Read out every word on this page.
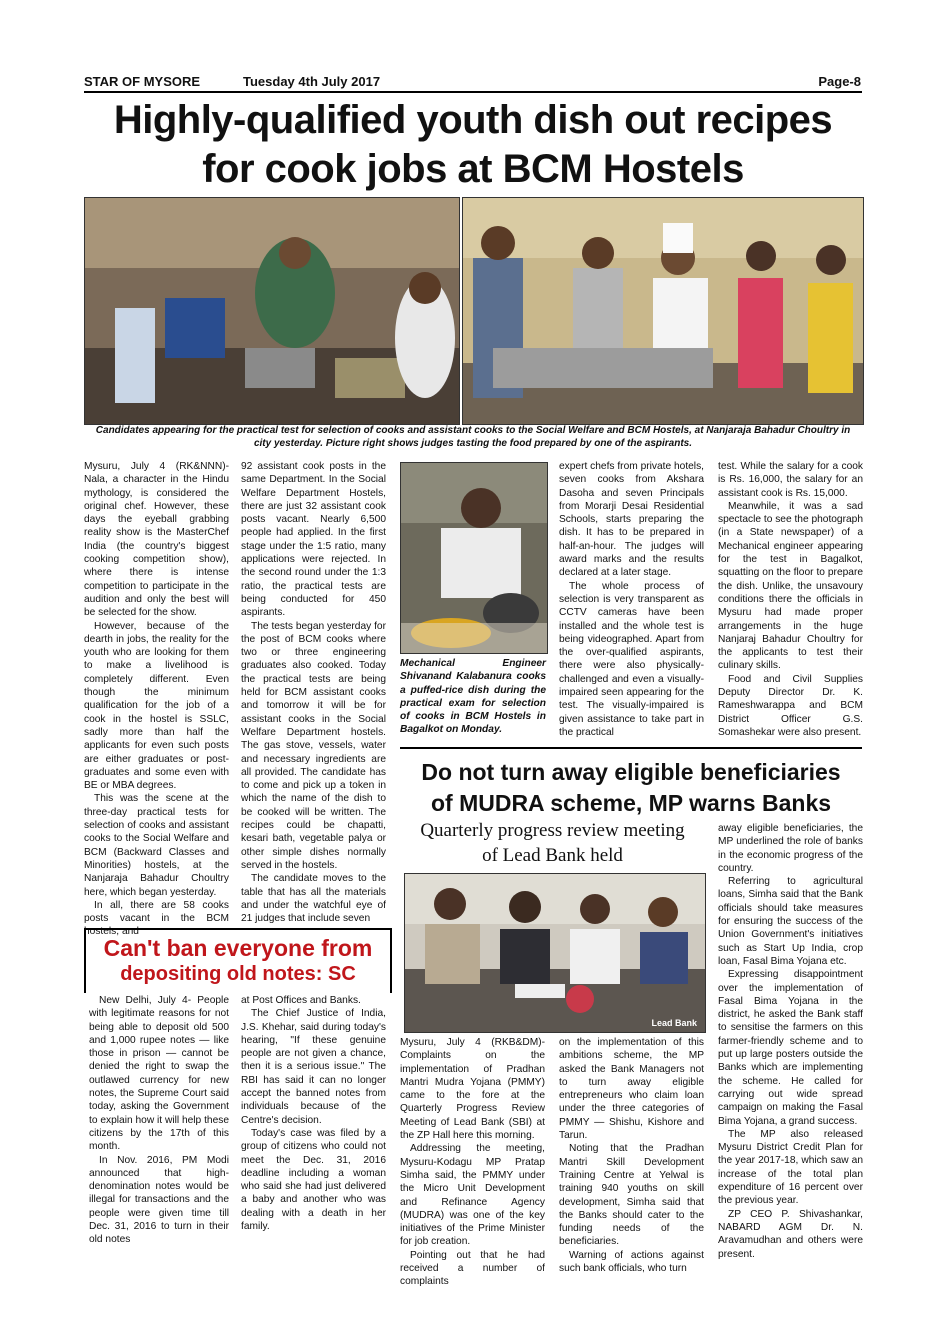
STAR OF MYSORE	Tuesday 4th July 2017	Page-8
Highly-qualified youth dish out recipes
for cook jobs at BCM Hostels
Candidates appearing for the practical test for selection of cooks and assistant cooks to the Social Welfare and BCM Hostels, at Nanjaraja Bahadur Choultry in city yesterday. Picture right shows judges tasting the food prepared by one of the aspirants.

Mysuru, July 4 (RK&NNN)- Nala, a character in the Hindu mythology, is considered the original chef. However, these days the eyeball grabbing reality show is the MasterChef India (the country's biggest cooking competition show), where there is intense competition to participate in the audition and only the best will be selected for the show.

However, because of the dearth in jobs, the reality for the youth who are looking for them to make a livelihood is completely different. Even though the minimum qualification for the job of a cook in the hostel is SSLC, sadly more than half the applicants for even such posts are either graduates or post-graduates and some even with BE or MBA degrees.

This was the scene at the three-day practical tests for selection of cooks and assistant cooks to the Social Welfare and BCM (Backward Classes and Minorities) hostels, at the Nanjaraja Bahadur Choultry here, which began yesterday.

In all, there are 58 cooks posts vacant in the BCM hostels, and

92 assistant cook posts in the same Department. In the Social Welfare Department Hostels, there are just 32 assistant cook posts vacant. Nearly 6,500 people had applied. In the first stage under the 1:5 ratio, many applications were rejected. In the second round under the 1:3 ratio, the practical tests are being conducted for 450 aspirants.

The tests began yesterday for the post of BCM cooks where two or three engineering graduates also cooked. Today the practical tests are being held for BCM assistant cooks and tomorrow it will be for assistant cooks in the Social Welfare Department hostels. The gas stove, vessels, water and necessary ingredients are all provided. The candidate has to come and pick up a token in which the name of the dish to be cooked will be written. The recipes could be chapatti, kesari bath, vegetable palya or other simple dishes normally served in the hostels.

The candidate moves to the table that has all the materials and under the watchful eye of 21 judges that include seven

Mechanical Engineer Shivanand Kalabanura cooks a puffed-rice dish during the practical exam for selection of cooks in BCM Hostels in Bagalkot on Monday.

expert chefs from private hotels, seven cooks from Akshara Dasoha and seven Principals from Morarji Desai Residential Schools, starts preparing the dish. It has to be prepared in half-an-hour. The judges will award marks and the results declared at a later stage.

The whole process of selection is very transparent as CCTV cameras have been installed and the whole test is being videographed. Apart from the over-qualified aspirants, there were also physically-challenged and even a visually-impaired seen appearing for the test. The visually-impaired is given assistance to take part in the practical

test. While the salary for a cook is Rs. 16,000, the salary for an assistant cook is Rs. 15,000.

Meanwhile, it was a sad spectacle to see the photograph (in a State newspaper) of a Mechanical engineer appearing for the test in Bagalkot, squatting on the floor to prepare the dish. Unlike, the unsavoury conditions there the officials in Mysuru had made proper arrangements in the huge Nanjaraj Bahadur Choultry for the applicants to test their culinary skills.

Food and Civil Supplies Deputy Director Dr. K. Rameshwarappa and BCM District Officer G.S. Somashekar were also present.

Do not turn away eligible beneficiaries
of MUDRA scheme, MP warns Banks
Quarterly progress review meeting
of Lead Bank held
Lead Bank

Mysuru, July 4 (RKB&DM)- Complaints on the implementation of Pradhan Mantri Mudra Yojana (PMMY) came to the fore at the Quarterly Progress Review Meeting of Lead Bank (SBI) at the ZP Hall here this morning.

Addressing the meeting, Mysuru-Kodagu MP Pratap Simha said, the PMMY under the Micro Unit Development and Refinance Agency (MUDRA) was one of the key initiatives of the Prime Minister for job creation.

Pointing out that he had received a number of complaints

on the implementation of this ambitions scheme, the MP asked the Bank Managers not to turn away eligible entrepreneurs who claim loan under the three categories of PMMY — Shishu, Kishore and Tarun.

Noting that the Pradhan Mantri Skill Development Training Centre at Yelwal is training 940 youths on skill development, Simha said that the Banks should cater to the funding needs of the beneficiaries.

Warning of actions against such bank officials, who turn

away eligible beneficiaries, the MP underlined the role of banks in the economic progress of the country.

Referring to agricultural loans, Simha said that the Bank officials should take measures for ensuring the success of the Union Government's initiatives such as Start Up India, crop loan, Fasal Bima Yojana etc.

Expressing disappointment over the implementation of Fasal Bima Yojana in the district, he asked the Bank staff to sensitise the farmers on this farmer-friendly scheme and to put up large posters outside the Banks which are implementing the scheme. He called for carrying out wide spread campaign on making the Fasal Bima Yojana, a grand success.

The MP also released Mysuru District Credit Plan for the year 2017-18, which saw an increase of the total plan expenditure of 16 percent over the previous year.

ZP CEO P. Shivashankar, NABARD AGM Dr. N. Aravamudhan and others were present.

Can't ban everyone from
depositing old notes: SC

New Delhi, July 4- People with legitimate reasons for not being able to deposit old 500 and 1,000 rupee notes — like those in prison — cannot be denied the right to swap the outlawed currency for new notes, the Supreme Court said today, asking the Government to explain how it will help these citizens by the 17th of this month.

In Nov. 2016, PM Modi announced that high-denomination notes would be illegal for transactions and the people were given time till Dec. 31, 2016 to turn in their old notes

at Post Offices and Banks.

The Chief Justice of India, J.S. Khehar, said during today's hearing, "If these genuine people are not given a chance, then it is a serious issue." The RBI has said it can no longer accept the banned notes from individuals because of the Centre's decision.

Today's case was filed by a group of citizens who could not meet the Dec. 31, 2016 deadline including a woman who said she had just delivered a baby and another who was dealing with a death in her family.
